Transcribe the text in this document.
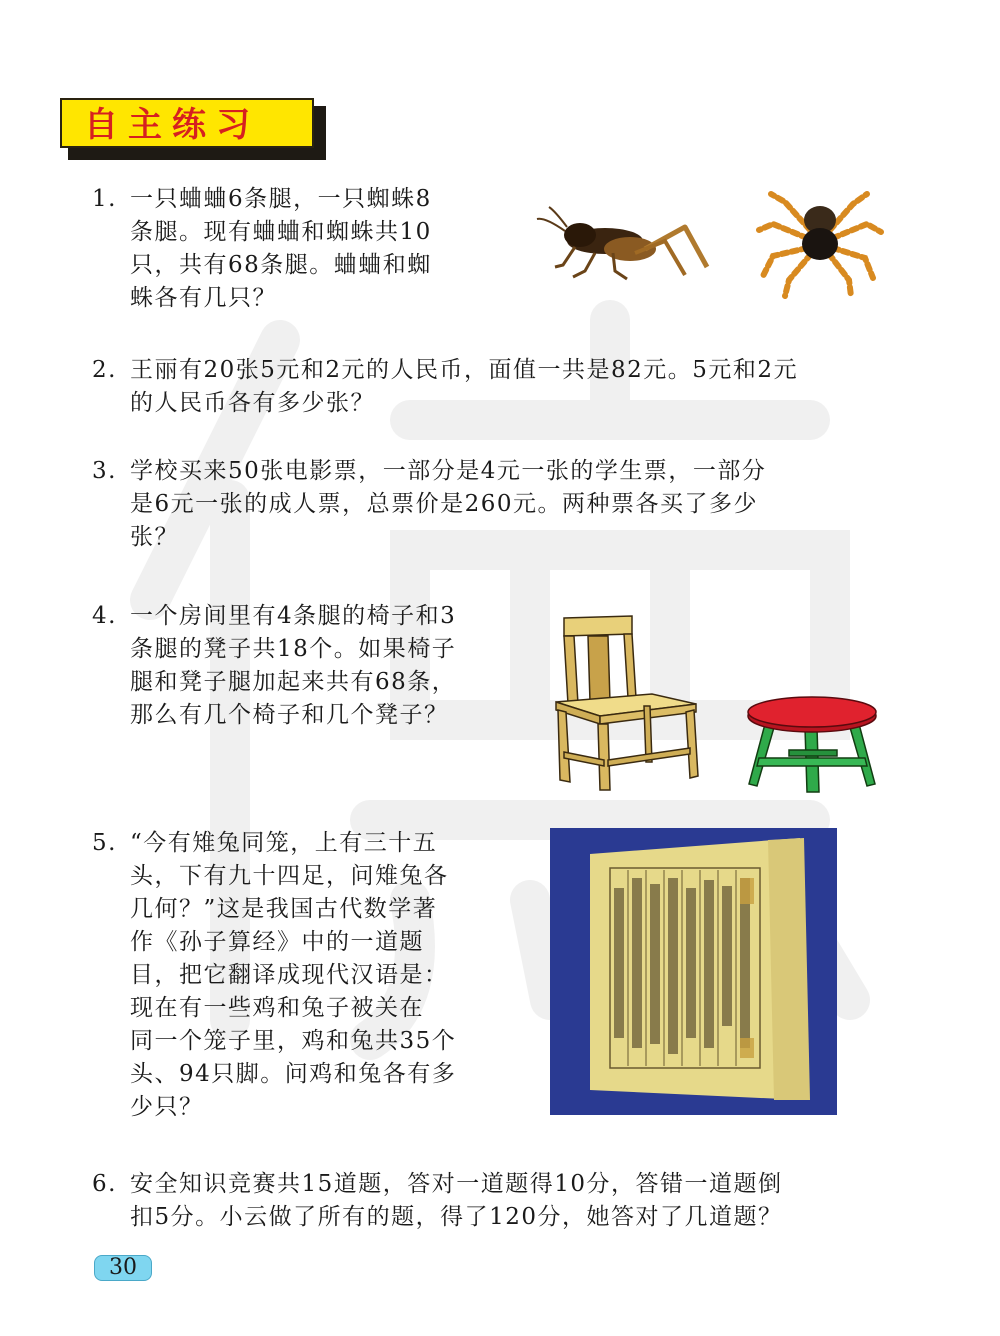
自主练习
1. 一只蛐蛐6条腿，一只蜘蛛8
条腿。现有蛐蛐和蜘蛛共10
只，共有68条腿。蛐蛐和蜘
蛛各有几只？
2. 王丽有20张5元和2元的人民币，面值一共是82元。5元和2元
的人民币各有多少张？
3. 学校买来50张电影票，一部分是4元一张的学生票，一部分
是6元一张的成人票，总票价是260元。两种票各买了多少
张？
4. 一个房间里有4条腿的椅子和3
条腿的凳子共18个。如果椅子
腿和凳子腿加起来共有68条，
那么有几个椅子和几个凳子？
5. “今有雉兔同笼，上有三十五
头，下有九十四足，问雉兔各
几何？”这是我国古代数学著
作《孙子算经》中的一道题
目，把它翻译成现代汉语是：
现在有一些鸡和兔子被关在
同一个笼子里，鸡和兔共35个
头、94只脚。问鸡和兔各有多
少只？
6. 安全知识竞赛共15道题，答对一道题得10分，答错一道题倒
扣5分。小云做了所有的题，得了120分，她答对了几道题？
30
